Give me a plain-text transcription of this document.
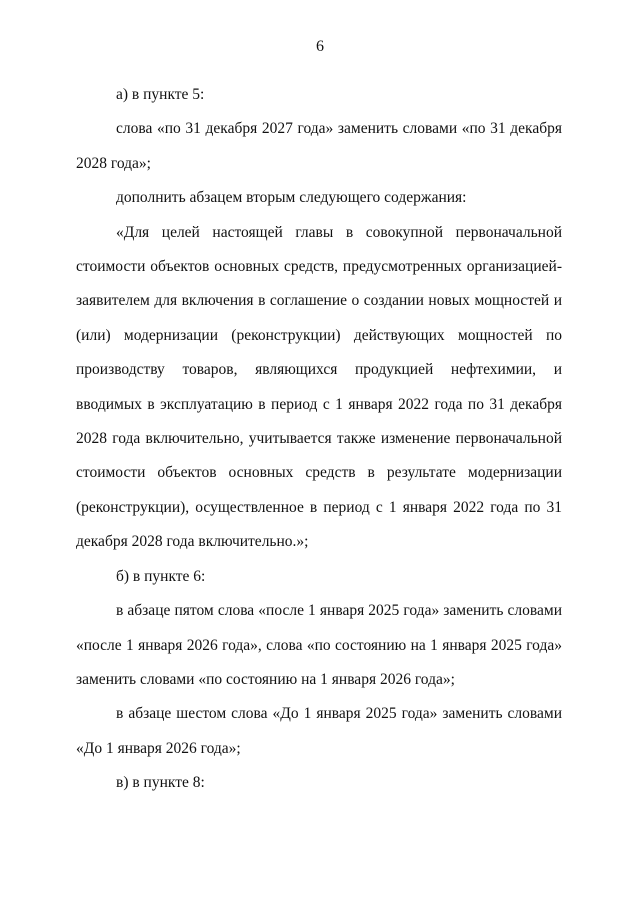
6

а) в пункте 5:

слова «по 31 декабря 2027 года» заменить словами «по 31 декабря 2028 года»;

дополнить абзацем вторым следующего содержания:

«Для целей настоящей главы в совокупной первоначальной стоимости объектов основных средств, предусмотренных организацией-заявителем для включения в соглашение о создании новых мощностей и (или) модернизации (реконструкции) действующих мощностей по производству товаров, являющихся продукцией нефтехимии, и вводимых в эксплуатацию в период с 1 января 2022 года по 31 декабря 2028 года включительно, учитывается также изменение первоначальной стоимости объектов основных средств в результате модернизации (реконструкции), осуществленное в период с 1 января 2022 года по 31 декабря 2028 года включительно.»;

б) в пункте 6:

в абзаце пятом слова «после 1 января 2025 года» заменить словами «после 1 января 2026 года», слова «по состоянию на 1 января 2025 года» заменить словами «по состоянию на 1 января 2026 года»;

в абзаце шестом слова «До 1 января 2025 года» заменить словами «До 1 января 2026 года»;

в) в пункте 8:
